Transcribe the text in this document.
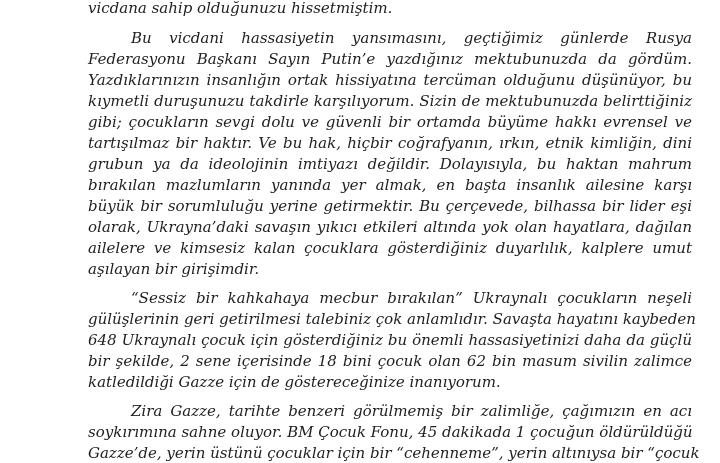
vicdana sahip olduğunuzu hissetmiştim.
Bu vicdani hassasiyetin yansımasını, geçtiğimiz günlerde Rusya
Federasyonu Başkanı Sayın Putin’e yazdığınız mektubunuzda da gördüm.
Yazdıklarınızın insanlığın ortak hissiyatına tercüman olduğunu düşünüyor, bu
kıymetli duruşunuzu takdirle karşılıyorum. Sizin de mektubunuzda belirttiğiniz
gibi; çocukların sevgi dolu ve güvenli bir ortamda büyüme hakkı evrensel ve
tartışılmaz bir haktır. Ve bu hak, hiçbir coğrafyanın, ırkın, etnik kimliğin, dini
grubun ya da ideolojinin imtiyazı değildir. Dolayısıyla, bu haktan mahrum
bırakılan mazlumların yanında yer almak, en başta insanlık ailesine karşı
büyük bir sorumluluğu yerine getirmektir. Bu çerçevede, bilhassa bir lider eşi
olarak, Ukrayna’daki savaşın yıkıcı etkileri altında yok olan hayatlara, dağılan
ailelere ve kimsesiz kalan çocuklara gösterdiğiniz duyarlılık, kalplere umut
aşılayan bir girişimdir.
“Sessiz bir kahkahaya mecbur bırakılan” Ukraynalı çocukların neşeli
gülüşlerinin geri getirilmesi talebiniz çok anlamlıdır. Savaşta hayatını kaybeden
648 Ukraynalı çocuk için gösterdiğiniz bu önemli hassasiyetinizi daha da güçlü
bir şekilde, 2 sene içerisinde 18 bini çocuk olan 62 bin masum sivilin zalimce
katledildiği Gazze için de göstereceğinize inanıyorum.
Zira Gazze, tarihte benzeri görülmemiş bir zalimliğe, çağımızın en acı
soykırımına sahne oluyor. BM Çocuk Fonu, 45 dakikada 1 çocuğun öldürüldüğü
Gazze’de, yerin üstünü çocuklar için bir “cehenneme”, yerin altınıysa bir “çocuk
